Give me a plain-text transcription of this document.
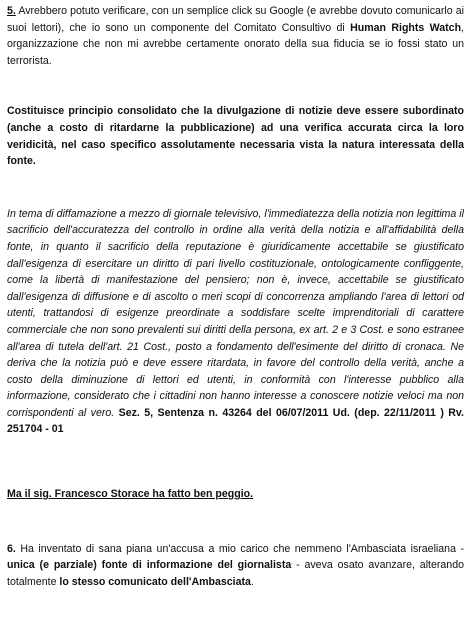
5. Avrebbero potuto verificare, con un semplice click su Google (e avrebbe dovuto comunicarlo ai suoi lettori), che io sono un componente del Comitato Consultivo di Human Rights Watch, organizzazione che non mi avrebbe certamente onorato della sua fiducia se io fossi stato un terrorista.

Costituisce principio consolidato che la divulgazione di notizie deve essere subordinato (anche a costo di ritardarne la pubblicazione) ad una verifica accurata circa la loro veridicità, nel caso specifico assolutamente necessaria vista la natura interessata della fonte.

In tema di diffamazione a mezzo di giornale televisivo, l'immediatezza della notizia non legittima il sacrificio dell'accuratezza del controllo in ordine alla verità della notizia e all'affidabilità della fonte, in quanto il sacrificio della reputazione è giuridicamente accettabile se giustificato dall'esigenza di esercitare un diritto di pari livello costituzionale, ontologicamente confliggente, come la libertà di manifestazione del pensiero; non è, invece, accettabile se giustificato dall'esigenza di diffusione e di ascolto o meri scopi di concorrenza ampliando l'area di lettori od utenti, trattandosi di esigenze preordinate a soddisfare scelte imprenditoriali di carattere commerciale che non sono prevalenti sui diritti della persona, ex art. 2 e 3 Cost. e sono estranee all'area di tutela dell'art. 21 Cost., posto a fondamento dell'esimente del diritto di cronaca. Ne deriva che la notizia può e deve essere ritardata, in favore del controllo della verità, anche a costo della diminuzione di lettori ed utenti, in conformità con l'interesse pubblico alla informazione, considerato che i cittadini non hanno interesse a conoscere notizie veloci ma non corrispondenti al vero. Sez. 5, Sentenza n. 43264 del 06/07/2011 Ud. (dep. 22/11/2011 ) Rv. 251704 - 01

Ma il sig. Francesco Storace ha fatto ben peggio.

6. Ha inventato di sana piana un'accusa a mio carico che nemmeno l'Ambasciata israeliana - unica (e parziale) fonte di informazione del giornalista - aveva osato avanzare, alterando totalmente lo stesso comunicato dell'Ambasciata.
